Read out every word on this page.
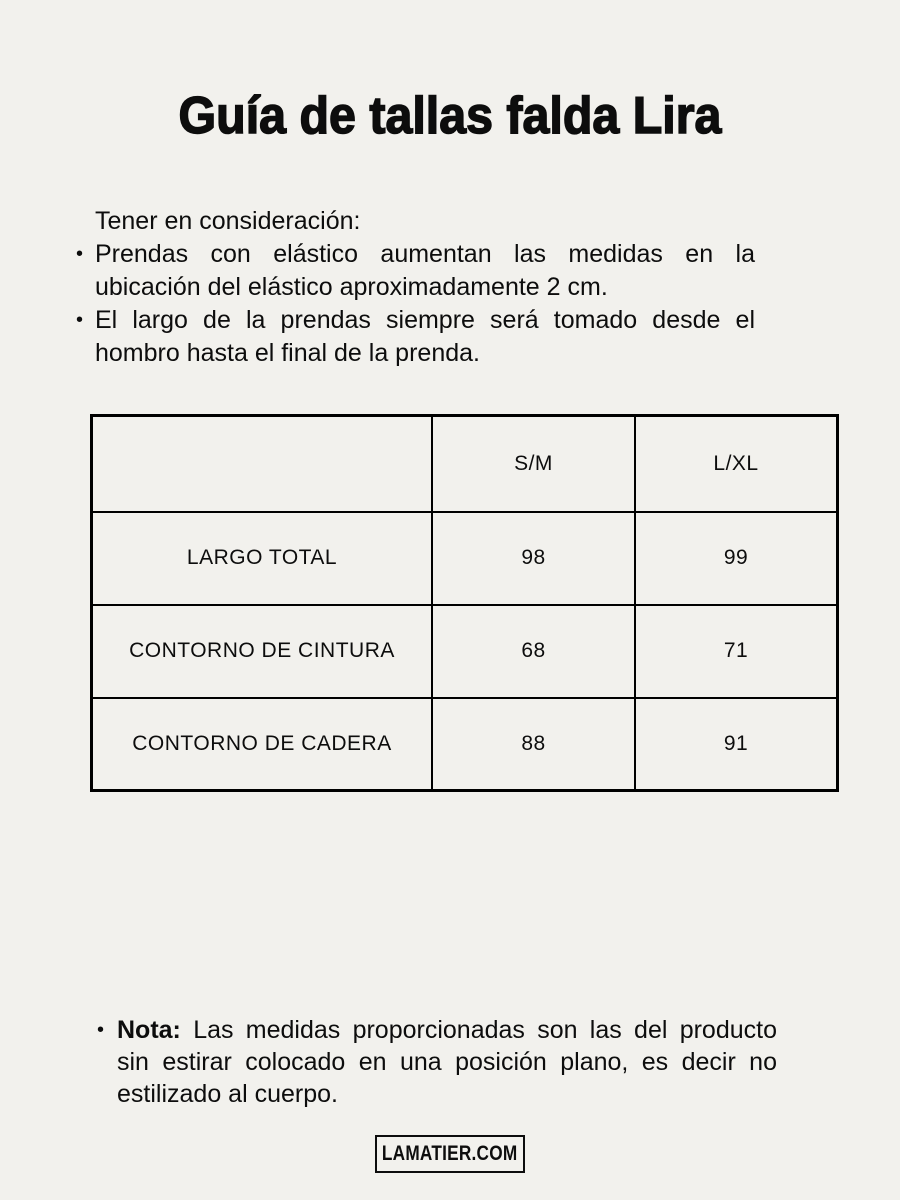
Guía de tallas falda Lira
Tener en consideración:
• Prendas con elástico aumentan las medidas en la ubicación del elástico aproximadamente 2 cm.

• El largo de la prendas siempre será tomado desde el hombro hasta el final de la prenda.

	S/M	L/XL
LARGO TOTAL	98	99
CONTORNO DE CINTURA	68	71
CONTORNO DE CADERA	88	91
• Nota: Las medidas proporcionadas son las del producto sin estirar colocado en una posición plano, es decir no estilizado al cuerpo.

LAMATIER.COM
